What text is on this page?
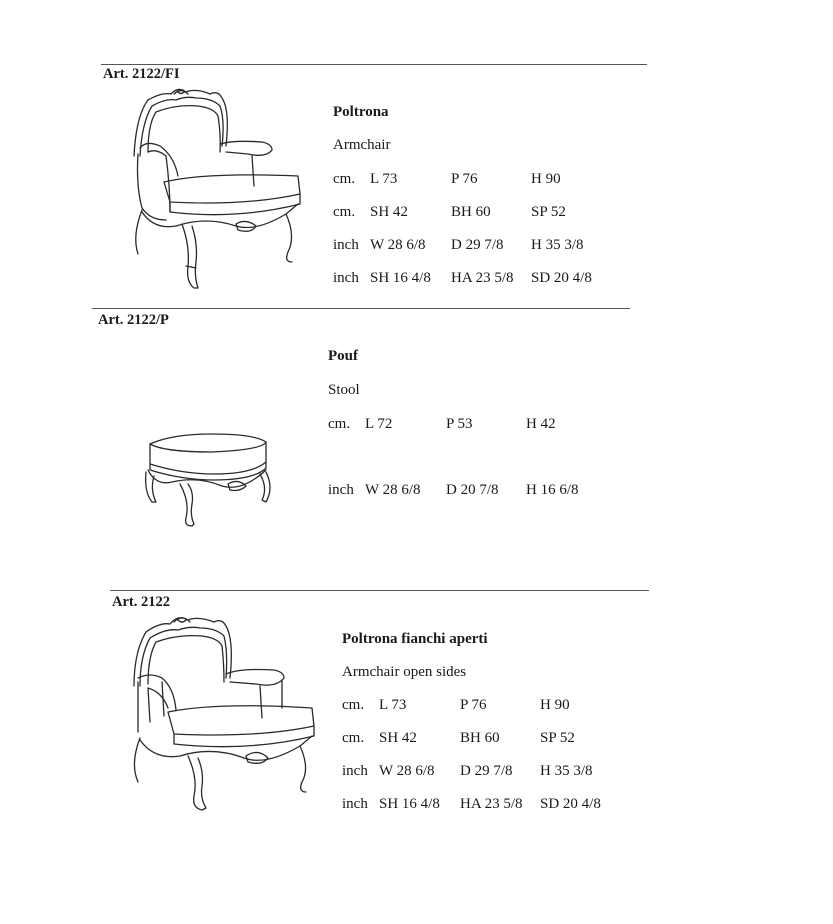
Art. 2122/FI
Poltrona
Armchair
cm. L 73	P 76	H 90
cm. SH 42	BH 60	SP 52
inch W 28 6/8 D 29 7/8 H 35 3/8
inch SH 16 4/8 HA 23 5/8 SD 20 4/8
Art. 2122/P
Pouf
Stool
cm. L 72	P 53	H 42
inch W 28 6/8 D 20 7/8 H 16 6/8
Art. 2122
Poltrona fianchi aperti
Armchair open sides
cm. L 73	P 76	H 90
cm. SH 42	BH 60	SP 52
inch W 28 6/8 D 29 7/8 H 35 3/8
inch SH 16 4/8 HA 23 5/8 SD 20 4/8
